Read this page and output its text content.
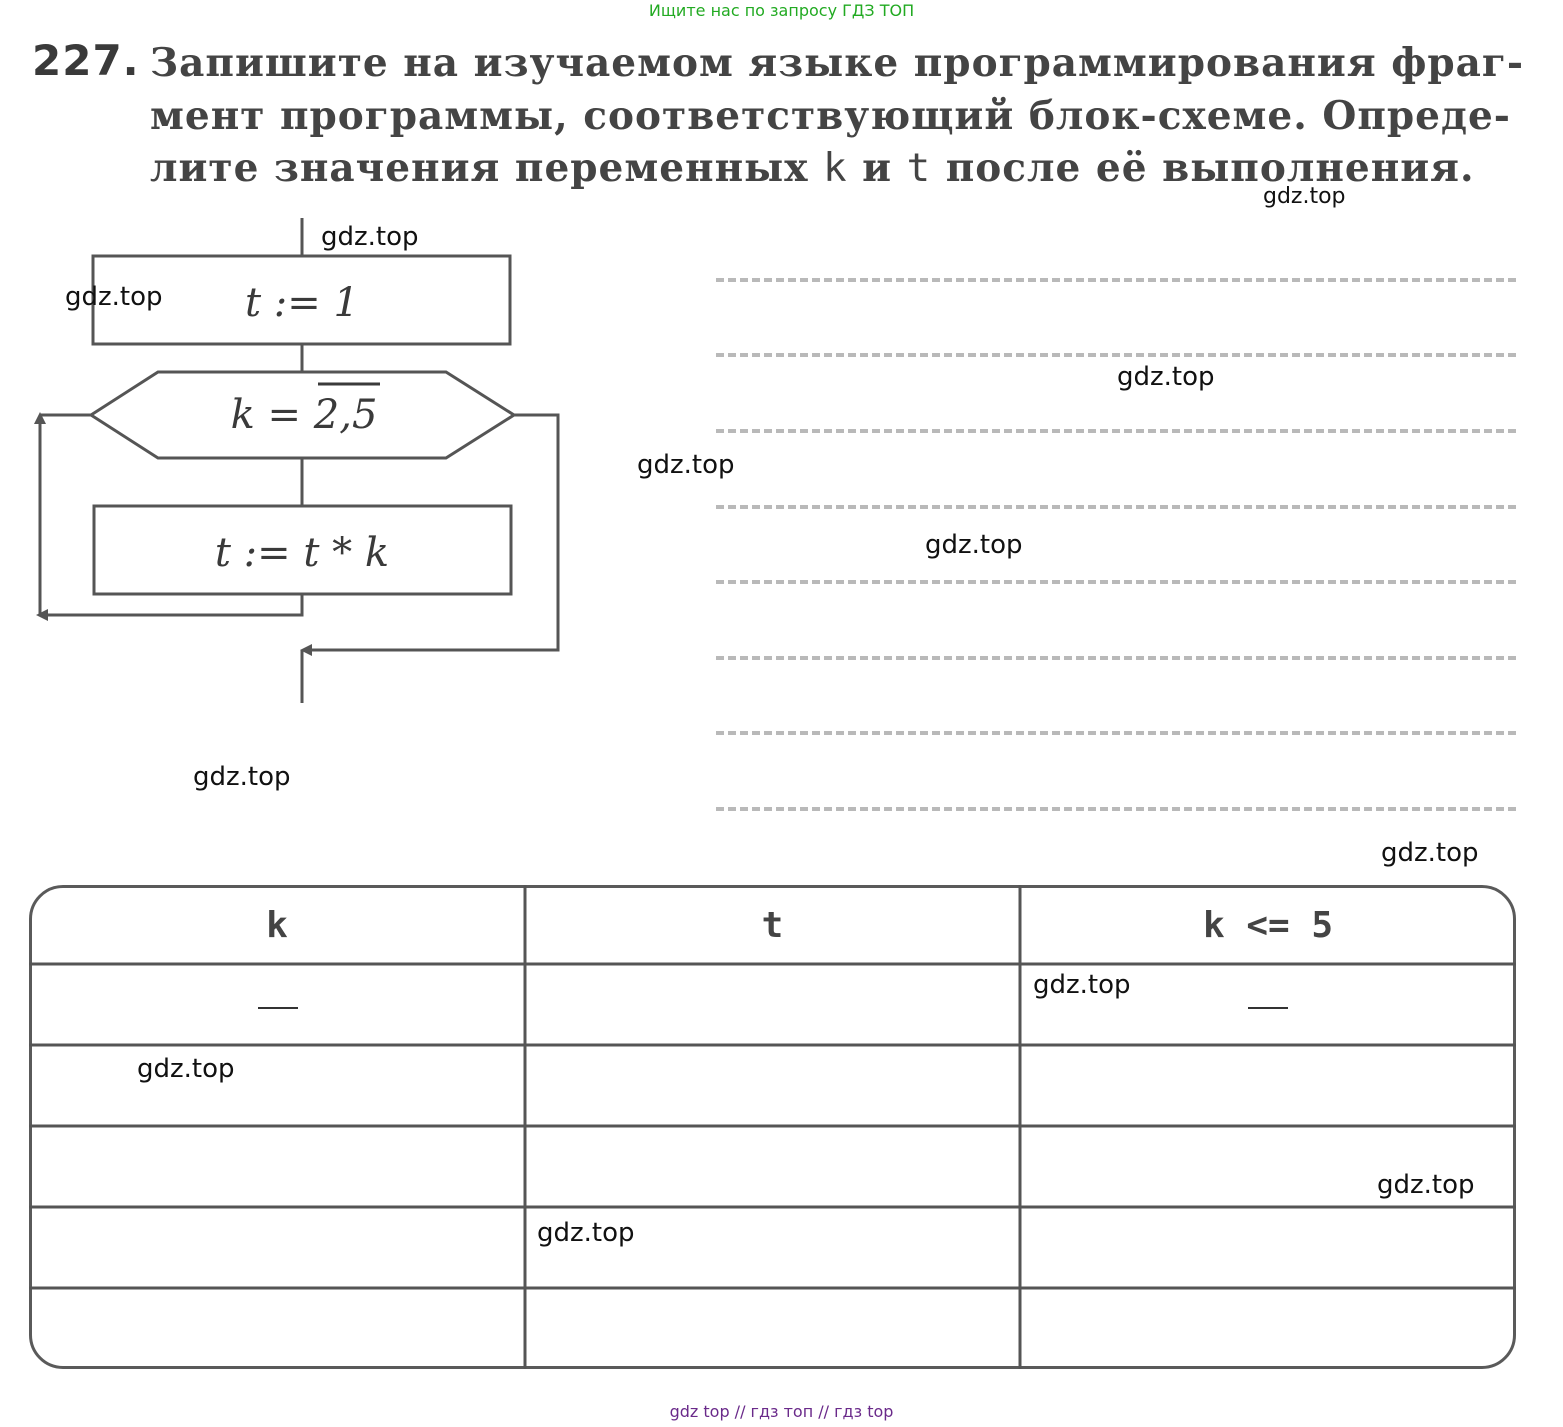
Ищите нас по запросу ГДЗ ТОП
227. Запишите на изучаемом языке программирования фраг-
мент программы, соответствующий блок-схеме. Опреде-
лите значения переменных k и t после её выполнения.
t := 1
k = 2,5
t := t * k
k	t	k <= 5
gdz.top
gdz.top
gdz.top
gdz.top
gdz.top
gdz.top
gdz.top
gdz.top
gdz.top
gdz.top
gdz.top
gdz.top
gdz top // гдз топ // гдз top
